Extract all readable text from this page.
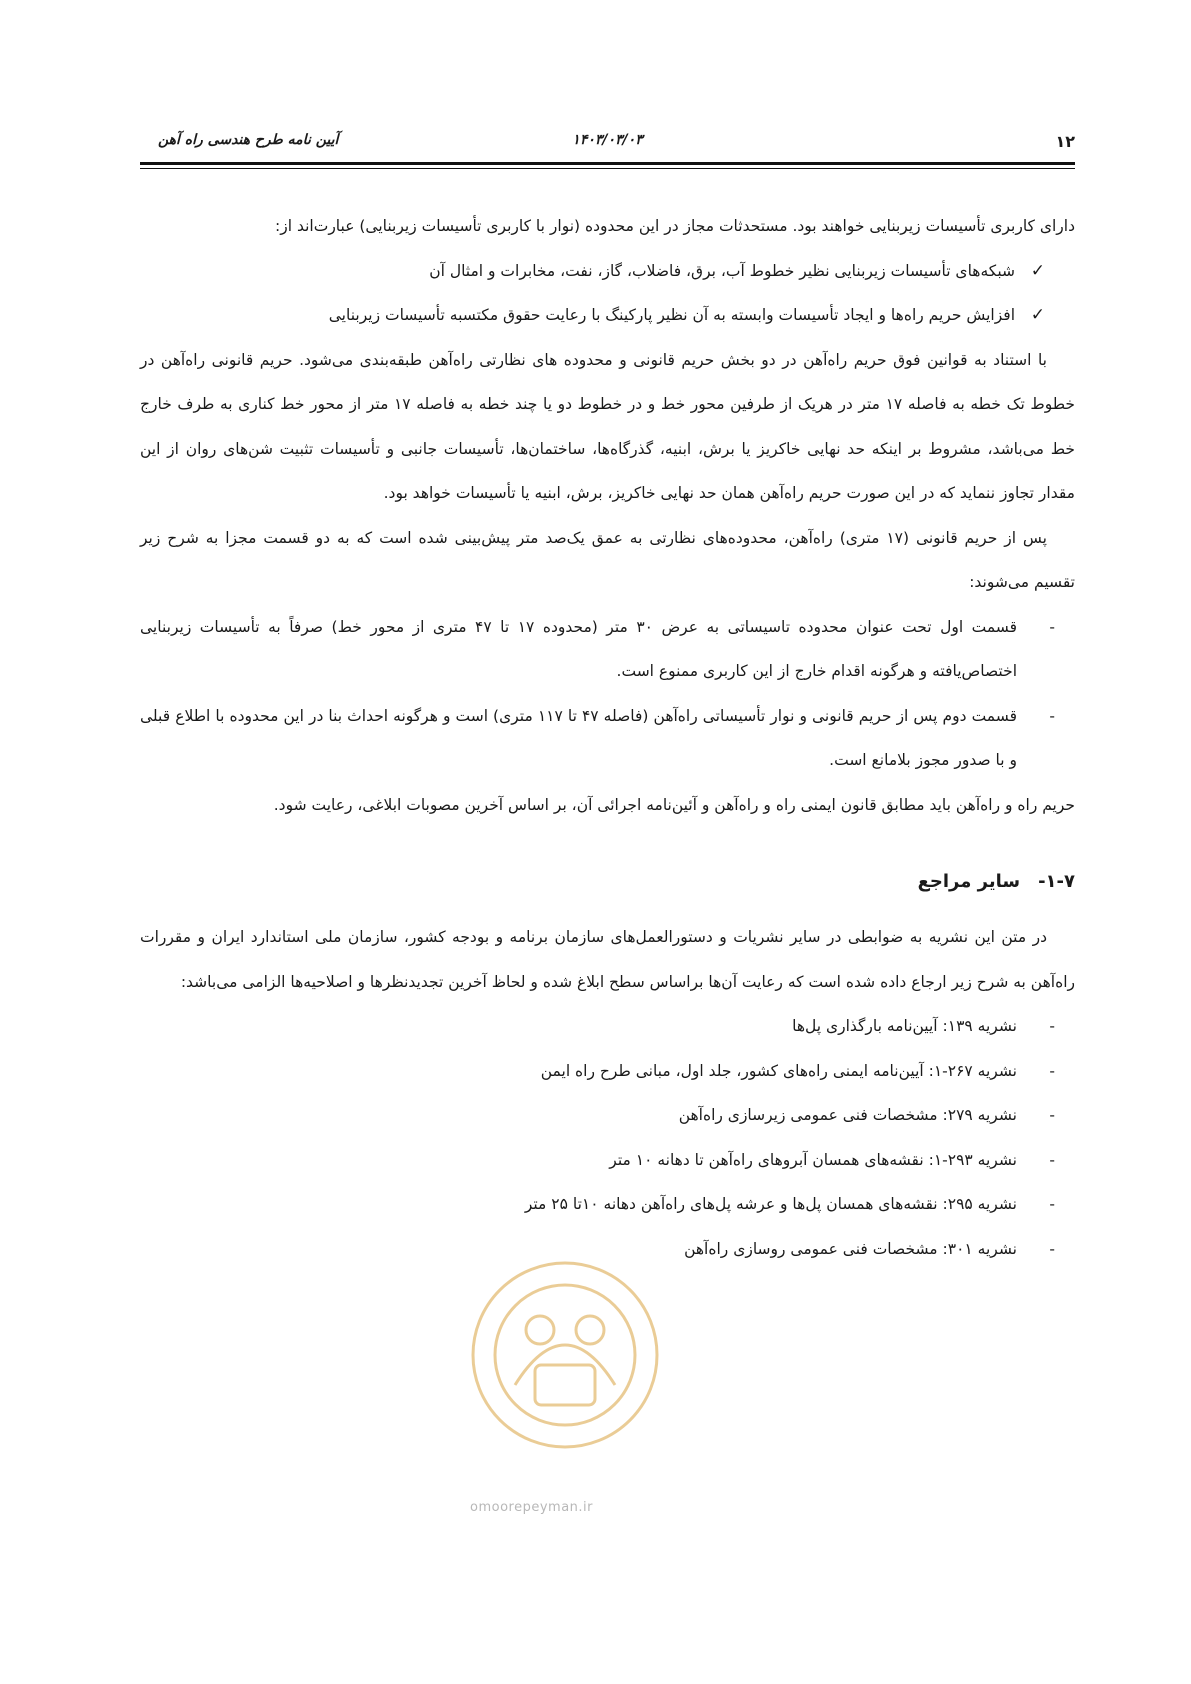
۱۲
۱۴۰۳/۰۳/۰۳
آیین نامه طرح هندسی راه آهن

دارای کاربری تأسیسات زیربنایی خواهند بود. مستحدثات مجاز در این محدوده (نوار با کاربری تأسیسات زیربنایی) عبارت‌اند از:

✓
شبکه‌های تأسیسات زیربنایی نظیر خطوط آب، برق، فاضلاب، گاز، نفت، مخابرات و امثال آن
✓
افزایش حریم راه‌ها و ایجاد تأسیسات وابسته به آن نظیر پارکینگ با رعایت حقوق مکتسبه تأسیسات زیربنایی

با استناد به قوانین فوق حریم راه‌آهن در دو بخش حریم قانونی و محدوده های نظارتی راه‌آهن طبقه‌بندی می‌شود. حریم قانونی راه‌آهن در خطوط تک خطه به فاصله ۱۷ متر در هریک از طرفین محور خط و در خطوط دو یا چند خطه به فاصله ۱۷ متر از محور خط کناری به طرف خارج خط می‌باشد، مشروط بر اینکه حد نهایی خاکریز یا برش، ابنیه، گذرگاه‌ها، ساختمان‌ها، تأسیسات جانبی و تأسیسات تثبیت شن‌های روان از این مقدار تجاوز ننماید که در این صورت حریم راه‌آهن همان حد نهایی خاکریز، برش، ابنیه یا تأسیسات خواهد بود.

پس از حریم قانونی (۱۷ متری) راه‌آهن، محدوده‌های نظارتی به عمق یک‌صد متر پیش‌بینی شده است که به دو قسمت مجزا به شرح زیر تقسیم می‌شوند:

-
قسمت اول تحت عنوان محدوده تاسیساتی به عرض ۳۰ متر (محدوده ۱۷ تا ۴۷ متری از محور خط) صرفاً به تأسیسات زیربنایی اختصاص‌یافته و هرگونه اقدام خارج از این کاربری ممنوع است.
-
قسمت دوم پس از حریم قانونی و نوار تأسیساتی راه‌آهن (فاصله ۴۷ تا ۱۱۷ متری) است و هرگونه احداث بنا در این محدوده با اطلاع قبلی و با صدور مجوز بلامانع است.

حریم راه و راه‌آهن باید مطابق قانون ایمنی راه و راه‌آهن و آئین‌نامه اجرائی آن، بر اساس آخرین مصوبات ابلاغی، رعایت شود.

۱-۷-سایر مراجع

در متن این نشریه به ضوابطی در سایر نشریات و دستورالعمل‌های سازمان برنامه و بودجه کشور، سازمان ملی استاندارد ایران و مقررات راه‌آهن به شرح زیر ارجاع داده شده است که رعایت آن‌ها براساس سطح ابلاغ شده و لحاظ آخرین تجدیدنظرها و اصلاحیه‌ها الزامی می‌باشد:

-
نشریه ۱۳۹: آیین‌نامه بارگذاری پل‌ها
-
نشریه ۲۶۷-۱: آیین‌نامه ایمنی راه‌های کشور، جلد اول، مبانی طرح راه ایمن
-
نشریه ۲۷۹: مشخصات فنی عمومی زیرسازی راه‌آهن
-
نشریه ۲۹۳-۱: نقشه‌های همسان آبروهای راه‌آهن تا دهانه ۱۰ متر
-
نشریه ۲۹۵: نقشه‌های همسان پل‌ها و عرشه پل‌های راه‌آهن دهانه ۱۰تا ۲۵ متر
-
نشریه ۳۰۱: مشخصات فنی عمومی روسازی راه‌آهن
omoorepeyman.ir
